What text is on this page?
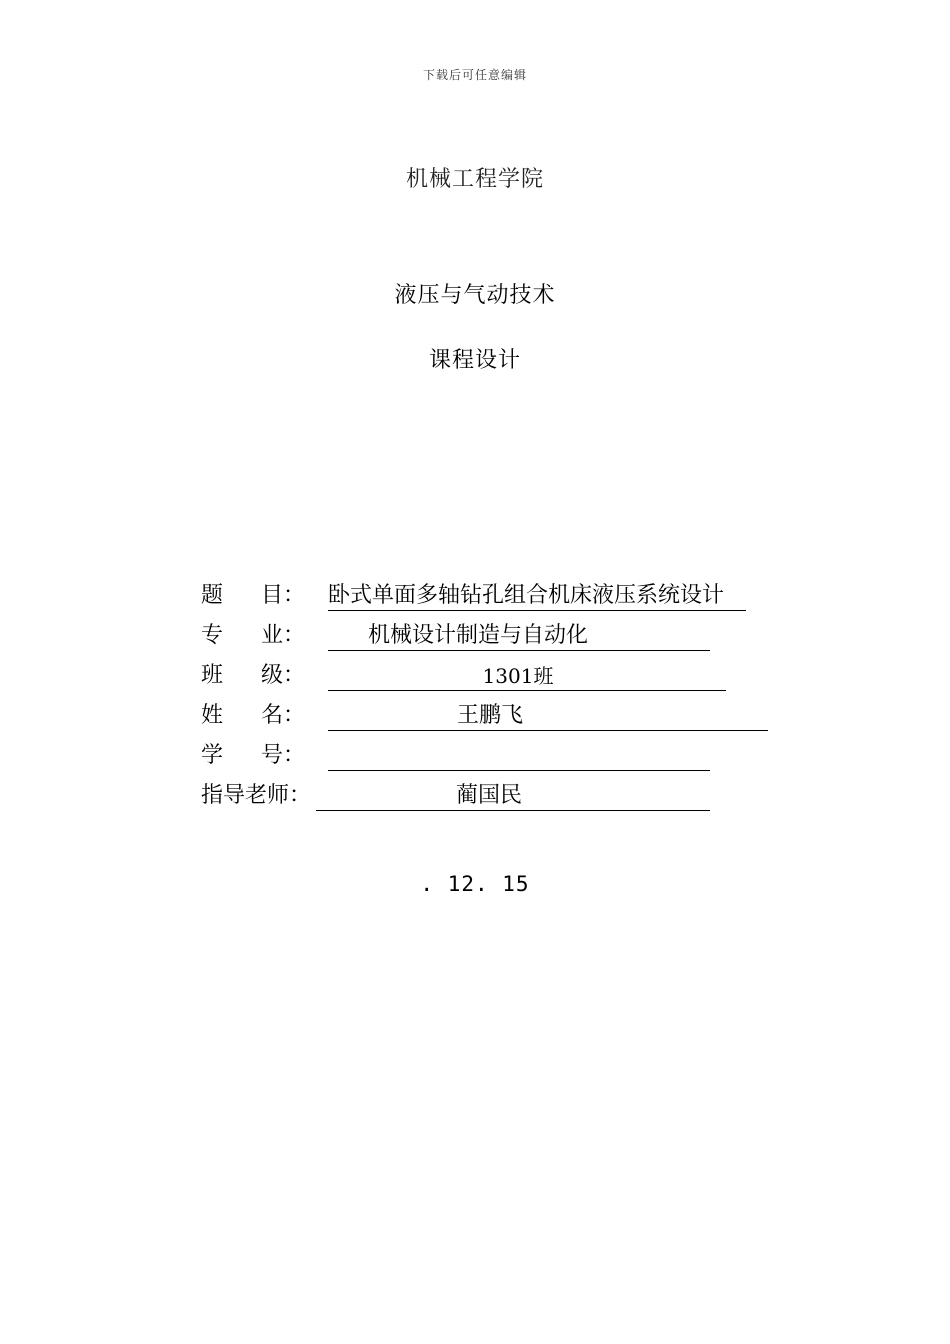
下载后可任意编辑
机械工程学院
液压与气动技术
课程设计
题 目： 卧式单面多轴钻孔组合机床液压系统设计
专 业：	机械设计制造与自动化
班 级：	1301班
姓 名：	王鹏飞
学 号：
指导老师：	蔺国民
. 12. 15
